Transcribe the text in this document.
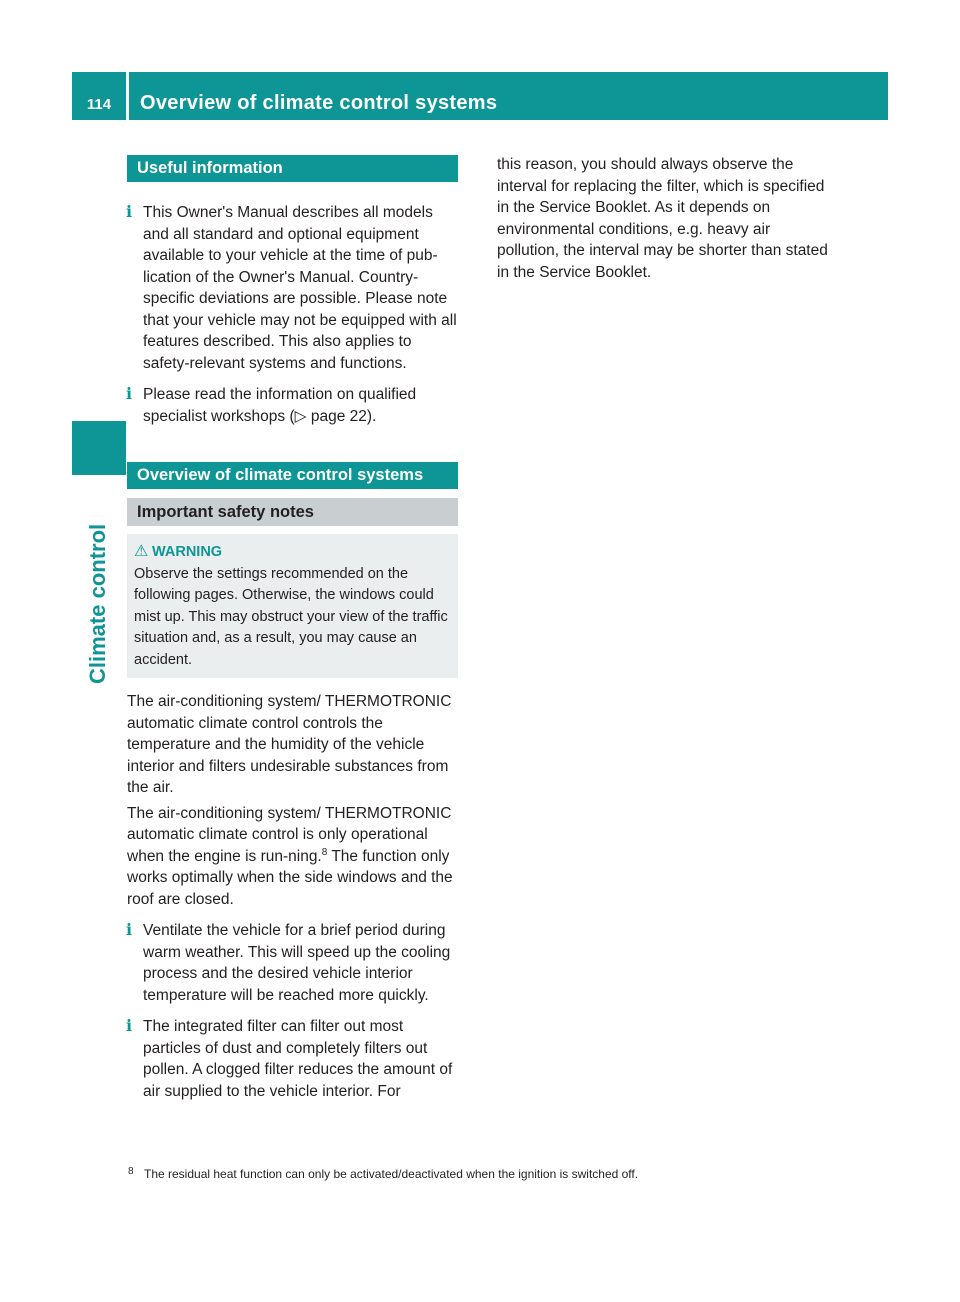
114	Overview of climate control systems
Climate control
Useful information
i This Owner's Manual describes all models and all standard and optional equipment available to your vehicle at the time of pub-lication of the Owner's Manual. Country-specific deviations are possible. Please note that your vehicle may not be equipped with all features described. This also applies to safety-relevant systems and functions.

i Please read the information on qualified specialist workshops (▷ page 22).

Overview of climate control systems
Important safety notes
⚠ WARNING

Observe the settings recommended on the following pages. Otherwise, the windows could mist up. This may obstruct your view of the traffic situation and, as a result, you may cause an accident.

The air-conditioning system/ THERMOTRONIC automatic climate control controls the temperature and the humidity of the vehicle interior and filters undesirable substances from the air.

The air-conditioning system/ THERMOTRONIC automatic climate control is only operational when the engine is run-ning.$^8$ The function only works optimally when the side windows and the roof are closed.

i Ventilate the vehicle for a brief period during warm weather. This will speed up the cooling process and the desired vehicle interior temperature will be reached more quickly.

i The integrated filter can filter out most particles of dust and completely filters out pollen. A clogged filter reduces the amount of air supplied to the vehicle interior. For

this reason, you should always observe the interval for replacing the filter, which is specified in the Service Booklet. As it depends on environmental conditions, e.g. heavy air pollution, the interval may be shorter than stated in the Service Booklet.

8 The residual heat function can only be activated/deactivated when the ignition is switched off.
